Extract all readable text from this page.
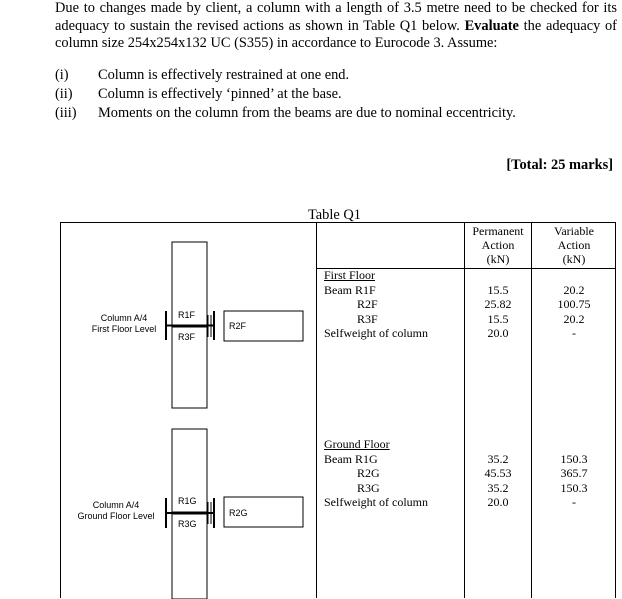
Due to changes made by client, a column with a length of 3.5 metre need to be checked for its adequacy to sustain the revised actions as shown in Table Q1 below. Evaluate the adequacy of column size 254x254x132 UC (S355) in accordance to Eurocode 3. Assume:
(i) Column is effectively restrained at one end.
(ii) Column is effectively ‘pinned’ at the base.
(iii) Moments on the column from the beams are due to nominal eccentricity.
[Total: 25 marks]
Table Q1
Permanent
Action
(kN)
Variable
Action
(kN)
First Floor
Beam R1F
R2F
R3F
Selfweight of column
15.5
25.82
15.5
20.0
20.2
100.75
20.2
-
Ground Floor
Beam R1G
R2G
R3G
Selfweight of column
35.2
45.53
35.2
20.0
150.3
365.7
150.3
-
Column A/4
First Floor Level
R1F
R2F
R3F
Column A/4
Ground Floor Level
R1G
R2G
R3G
